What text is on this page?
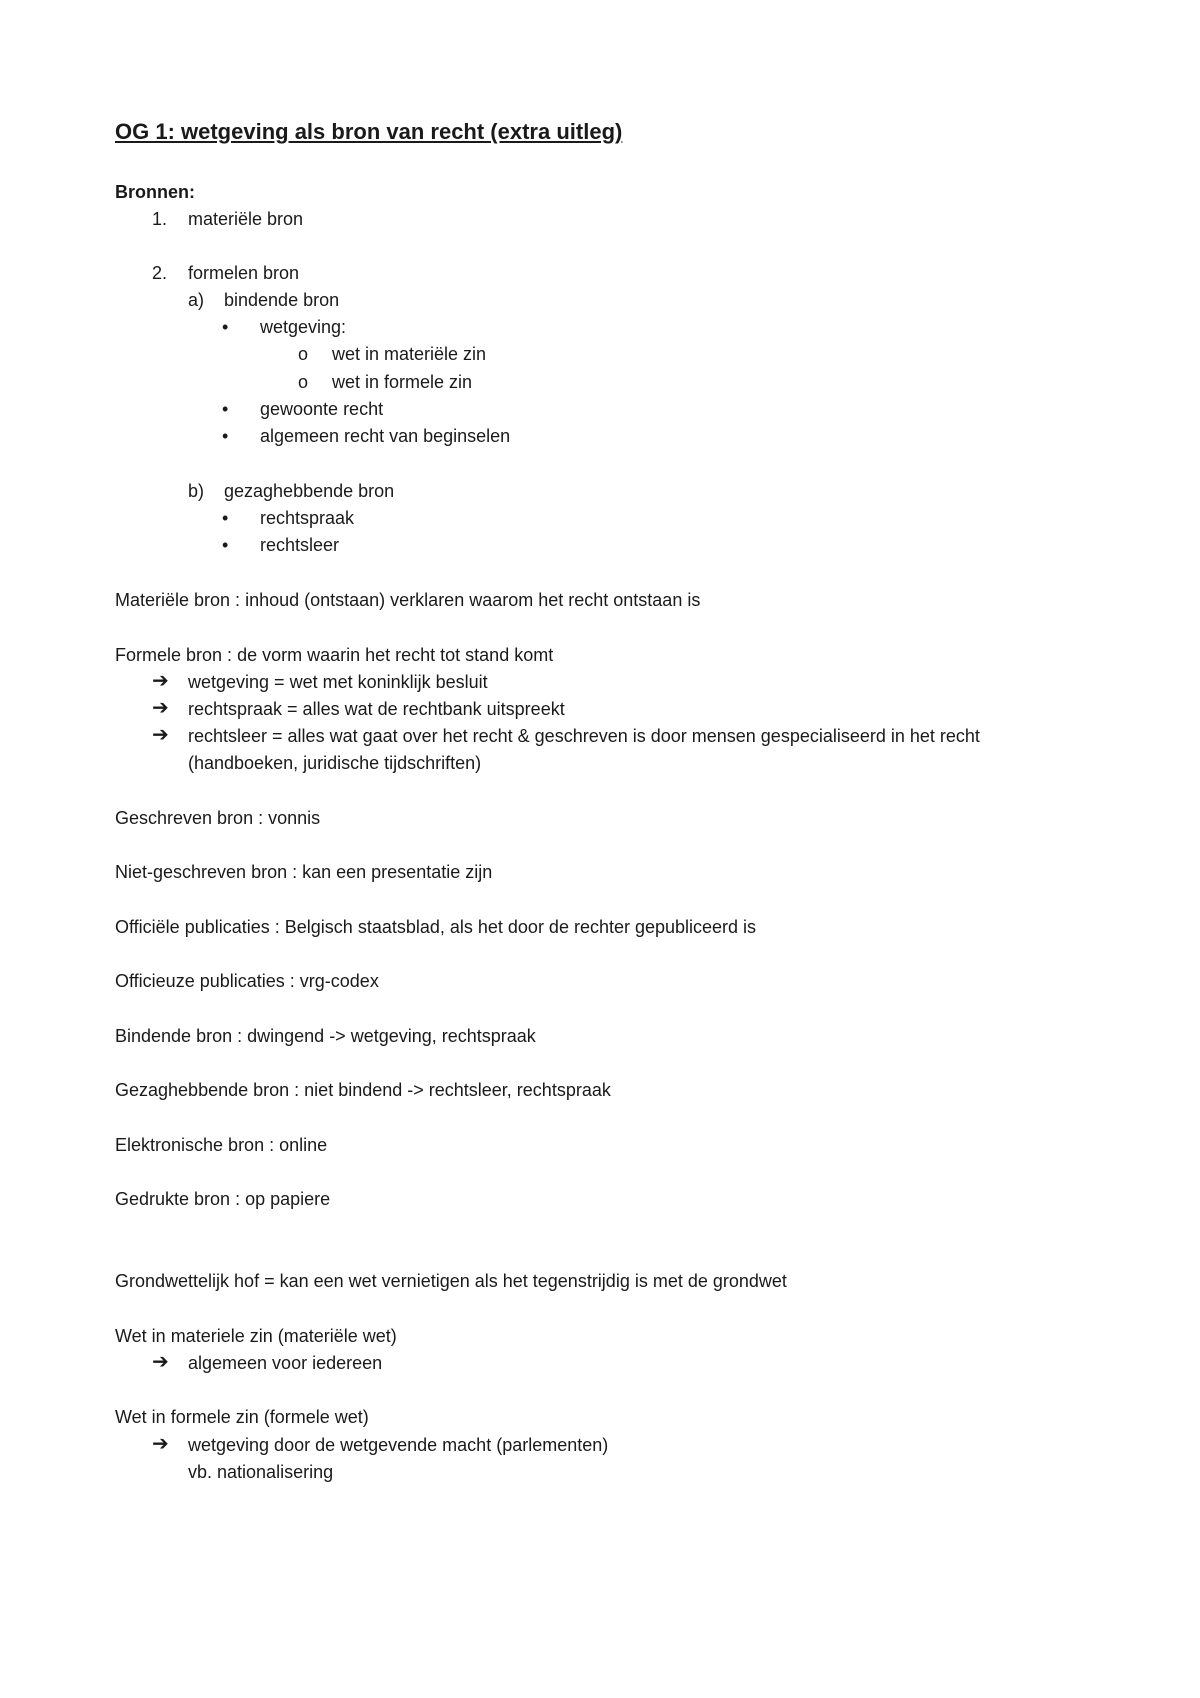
OG 1: wetgeving als bron van recht (extra uitleg)
Bronnen:
1. materiële bron
2. formelen bron
a) bindende bron
• wetgeving:
o wet in materiële zin
o wet in formele zin
• gewoonte recht
• algemeen recht van beginselen
b) gezaghebbende bron
• rechtspraak
• rechtsleer
Materiële bron : inhoud (ontstaan) verklaren waarom het recht ontstaan is
Formele bron : de vorm waarin het recht tot stand komt
➔ wetgeving = wet met koninklijk besluit
➔ rechtspraak = alles wat de rechtbank uitspreekt
➔ rechtsleer = alles wat gaat over het recht & geschreven is door mensen gespecialiseerd in het recht
(handboeken, juridische tijdschriften)
Geschreven bron : vonnis
Niet-geschreven bron : kan een presentatie zijn
Officiële publicaties : Belgisch staatsblad, als het door de rechter gepubliceerd is
Officieuze publicaties : vrg-codex
Bindende bron : dwingend -> wetgeving, rechtspraak
Gezaghebbende bron : niet bindend -> rechtsleer, rechtspraak
Elektronische bron : online
Gedrukte bron : op papiere
Grondwettelijk hof = kan een wet vernietigen als het tegenstrijdig is met de grondwet
Wet in materiele zin (materiële wet)
➔ algemeen voor iedereen
Wet in formele zin (formele wet)
➔ wetgeving door de wetgevende macht (parlementen)
vb. nationalisering
